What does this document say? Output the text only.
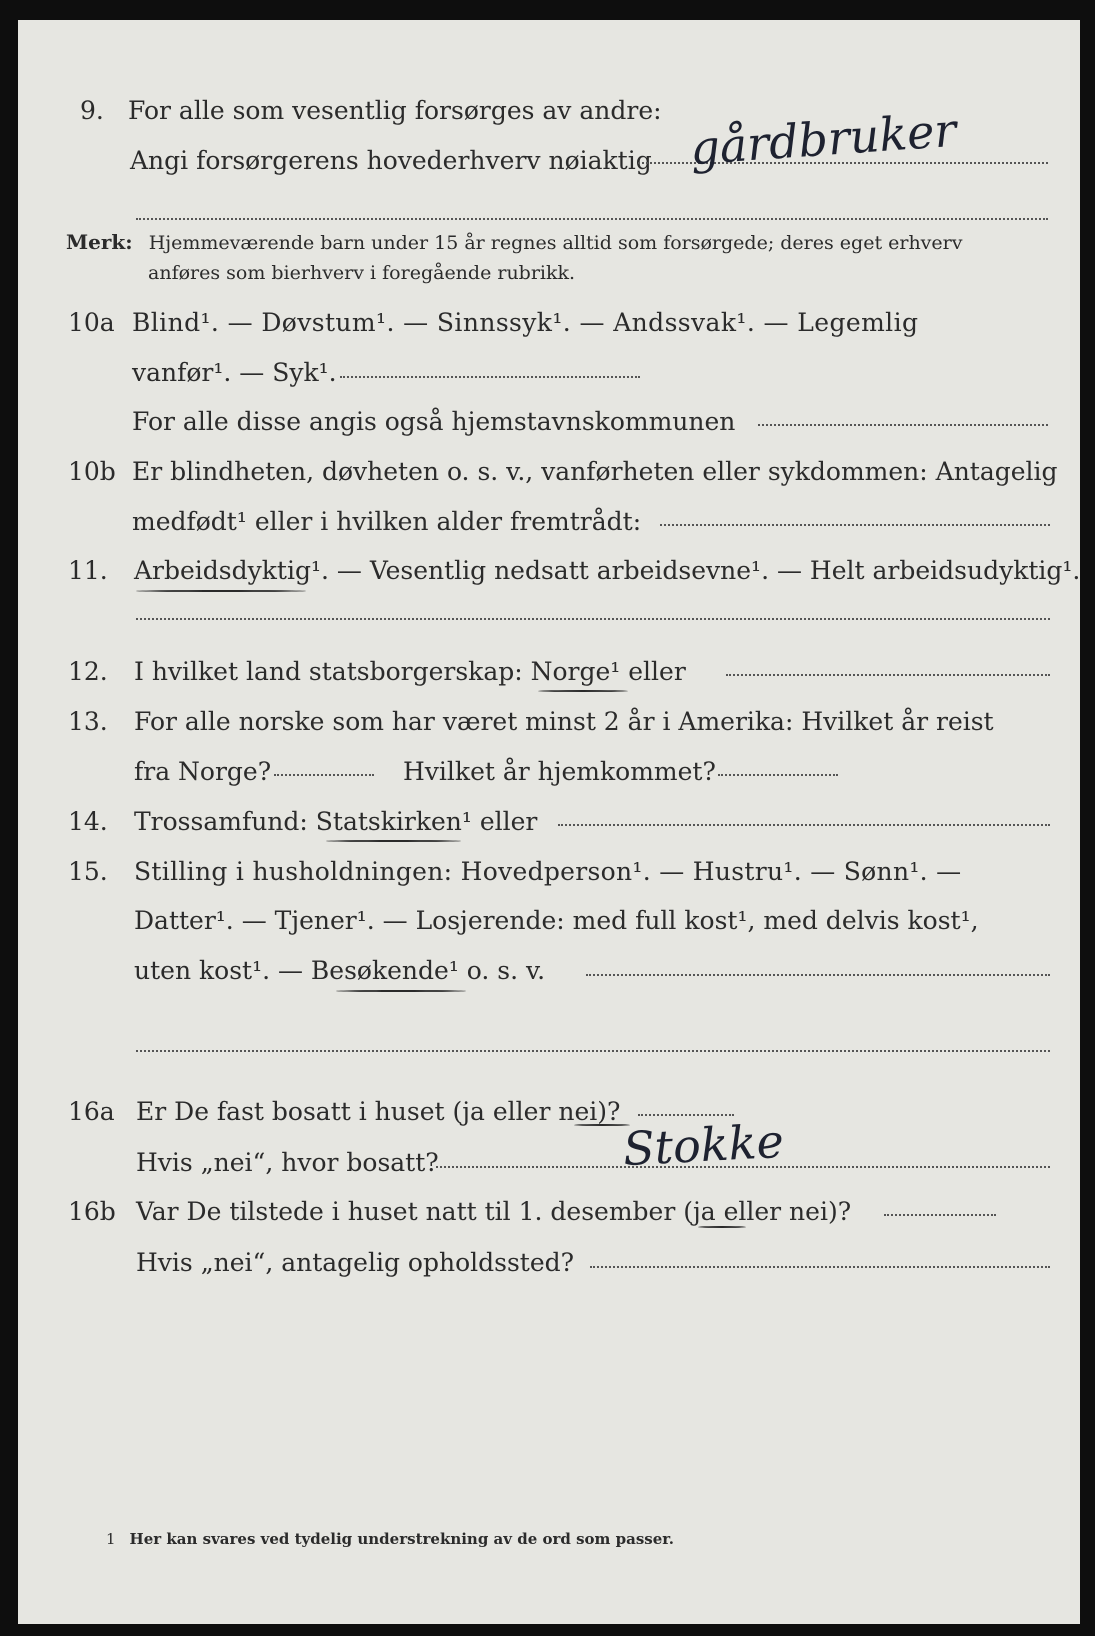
9. For alle som vesentlig forsørges av andre:
Angi forsørgerens hovederhverv nøiaktig gårdbruker
Merk: Hjemmeværende barn under 15 år regnes alltid som forsørgede; deres eget erhverv
anføres som bierhverv i foregående rubrikk.
10a Blind¹. — Døvstum¹. — Sinnssyk¹. — Andssvak¹. — Legemlig
vanfør¹. — Syk¹.
For alle disse angis også hjemstavnskommunen
10b Er blindheten, døvheten o. s. v., vanførheten eller sykdommen: Antagelig
medfødt¹ eller i hvilken alder fremtrådt:
11. Arbeidsdyktig¹. — Vesentlig nedsatt arbeidsevne¹. — Helt arbeidsudyktig¹.
12. I hvilket land statsborgerskap: Norge¹ eller
13. For alle norske som har været minst 2 år i Amerika: Hvilket år reist
fra Norge?	Hvilket år hjemkommet?
14. Trossamfund: Statskirken¹ eller
15. Stilling i husholdningen: Hovedperson¹. — Hustru¹. — Sønn¹. —
Datter¹. — Tjener¹. — Losjerende: med full kost¹, med delvis kost¹,
uten kost¹. — Besøkende¹ o. s. v.
16a Er De fast bosatt i huset (ja eller nei)?
Hvis „nei“, hvor bosatt?	Stokke
16b Var De tilstede i huset natt til 1. desember (ja eller nei)?
Hvis „nei“, antagelig opholdssted?
1 Her kan svares ved tydelig understrekning av de ord som passer.
